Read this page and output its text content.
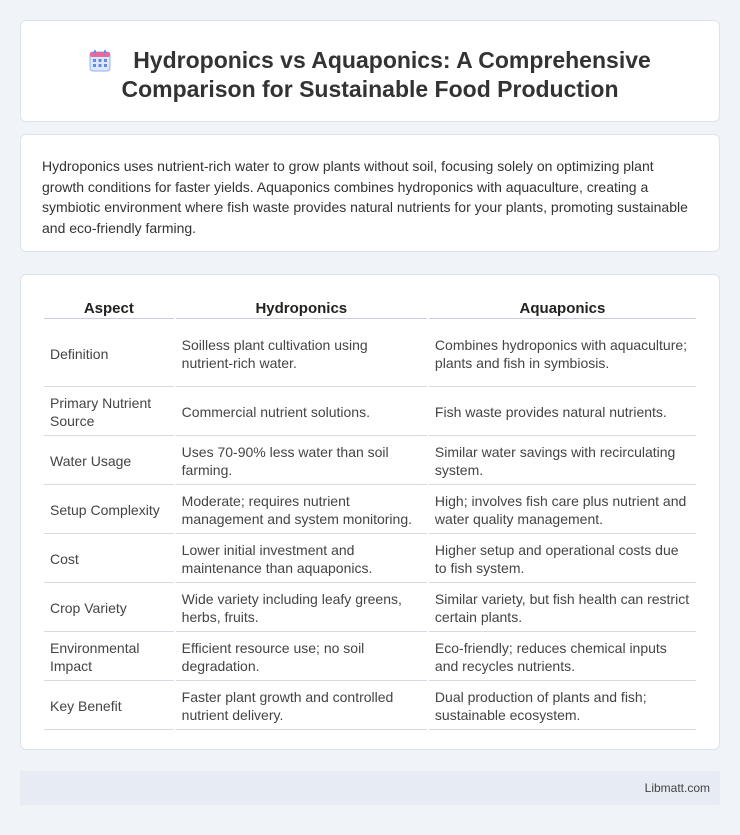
Hydroponics vs Aquaponics: A Comprehensive Comparison for Sustainable Food Production

Hydroponics uses nutrient-rich water to grow plants without soil, focusing solely on optimizing plant growth conditions for faster yields. Aquaponics combines hydroponics with aquaculture, creating a symbiotic environment where fish waste provides natural nutrients for your plants, promoting sustainable and eco-friendly farming.

Aspect	Hydroponics	Aquaponics
Definition	Soilless plant cultivation using nutrient-rich water.	Combines hydroponics with aquaculture; plants and fish in symbiosis.
Primary Nutrient Source	Commercial nutrient solutions.	Fish waste provides natural nutrients.
Water Usage	Uses 70-90% less water than soil farming.	Similar water savings with recirculating system.
Setup Complexity	Moderate; requires nutrient management and system monitoring.	High; involves fish care plus nutrient and water quality management.
Cost	Lower initial investment and maintenance than aquaponics.	Higher setup and operational costs due to fish system.
Crop Variety	Wide variety including leafy greens, herbs, fruits.	Similar variety, but fish health can restrict certain plants.
Environmental Impact	Efficient resource use; no soil degradation.	Eco-friendly; reduces chemical inputs and recycles nutrients.
Key Benefit	Faster plant growth and controlled nutrient delivery.	Dual production of plants and fish; sustainable ecosystem.
Libmatt.com
